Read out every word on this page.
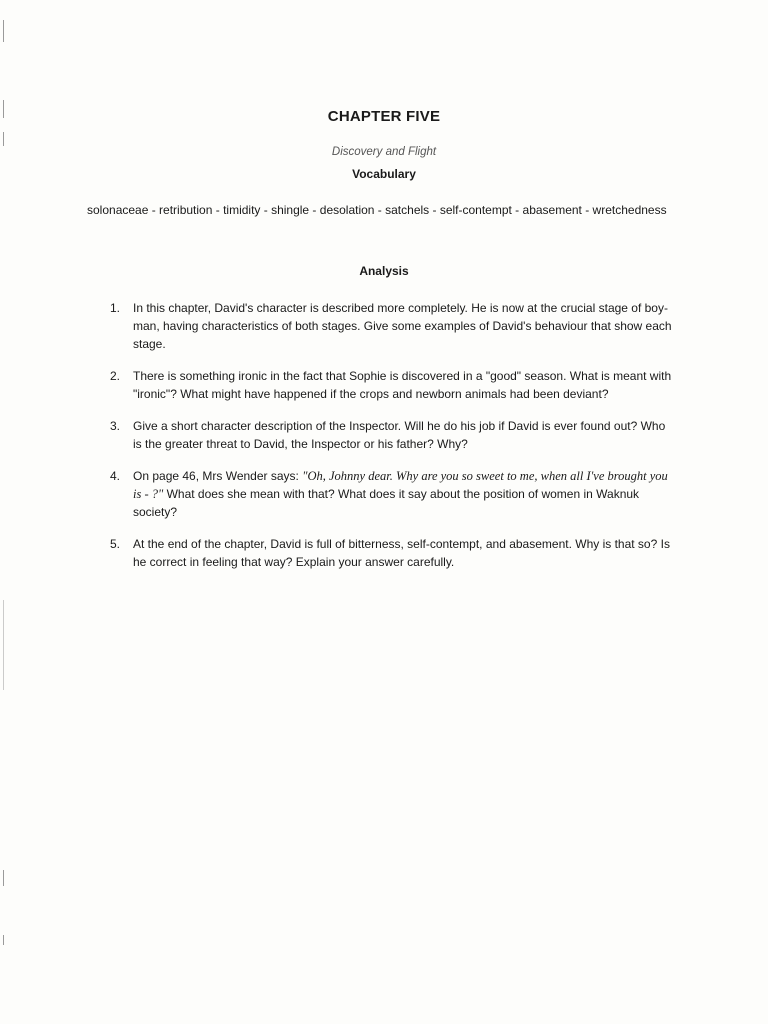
CHAPTER FIVE
Discovery and Flight
Vocabulary
solonaceae - retribution - timidity - shingle - desolation - satchels - self-contempt - abasement - wretchedness
Analysis
1. In this chapter, David's character is described more completely. He is now at the crucial stage of boy-man, having characteristics of both stages. Give some examples of David's behaviour that show each stage.
2. There is something ironic in the fact that Sophie is discovered in a "good" season. What is meant with "ironic"? What might have happened if the crops and newborn animals had been deviant?
3. Give a short character description of the Inspector. Will he do his job if David is ever found out? Who is the greater threat to David, the Inspector or his father? Why?
4. On page 46, Mrs Wender says: "Oh, Johnny dear. Why are you so sweet to me, when all I've brought you is - ?" What does she mean with that? What does it say about the position of women in Waknuk society?
5. At the end of the chapter, David is full of bitterness, self-contempt, and abasement. Why is that so? Is he correct in feeling that way? Explain your answer carefully.
